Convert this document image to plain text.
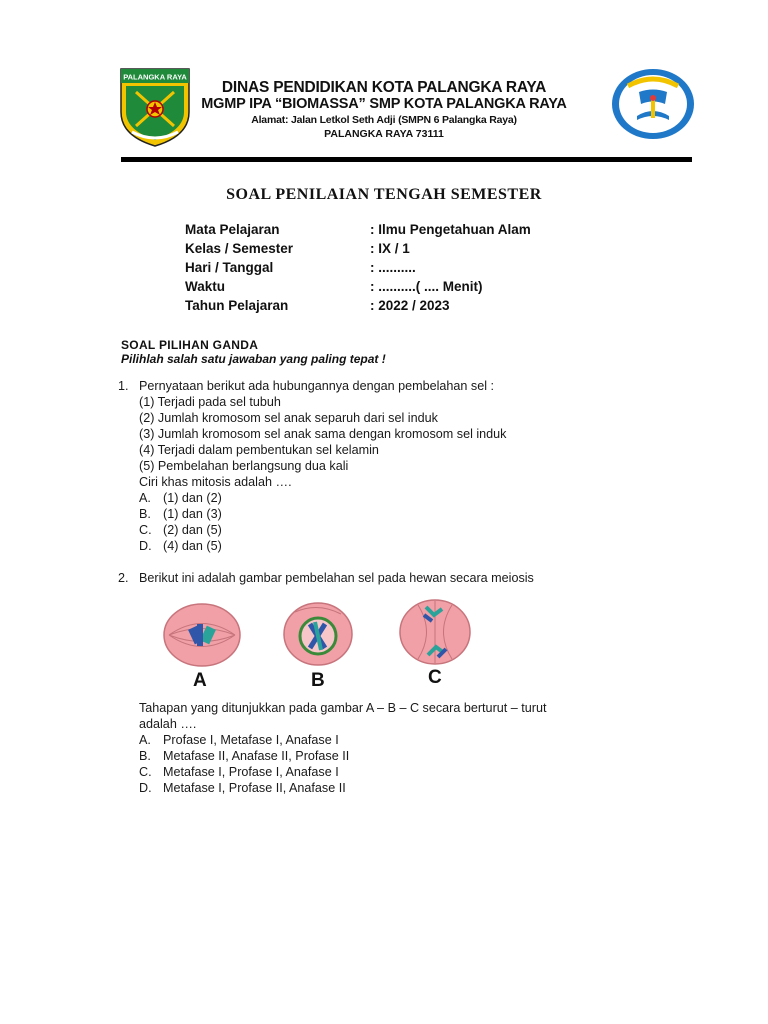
PALANGKA RAYA
DINAS PENDIDIKAN KOTA PALANGKA RAYA
MGMP IPA “BIOMASSA” SMP KOTA PALANGKA RAYA
Alamat: Jalan Letkol Seth Adji (SMPN 6 Palangka Raya)
PALANGKA RAYA 73111
SOAL PENILAIAN TENGAH SEMESTER
Mata Pelajaran	: Ilmu Pengetahuan Alam
Kelas / Semester	: IX / 1
Hari / Tanggal	: ..........
Waktu	: ..........( .... Menit)
Tahun Pelajaran	: 2022 / 2023
SOAL PILIHAN GANDA
Pilihlah salah satu jawaban yang paling tepat !
1. Pernyataan berikut ada hubungannya dengan pembelahan sel :
(1) Terjadi pada sel tubuh
(2) Jumlah kromosom sel anak separuh dari sel induk
(3) Jumlah kromosom sel anak sama dengan kromosom sel induk
(4) Terjadi dalam pembentukan sel kelamin
(5) Pembelahan berlangsung dua kali
Ciri khas mitosis adalah ….
A. (1) dan (2)
B. (1) dan (3)
C. (2) dan (5)
D. (4) dan (5)
2. Berikut ini adalah gambar pembelahan sel pada hewan secara meiosis
A	B	C
Tahapan yang ditunjukkan pada gambar A – B – C secara berturut – turut
adalah ….
A. Profase I, Metafase I, Anafase I
B. Metafase II, Anafase II, Profase II
C. Metafase I, Profase I, Anafase I
D. Metafase I, Profase II, Anafase II
